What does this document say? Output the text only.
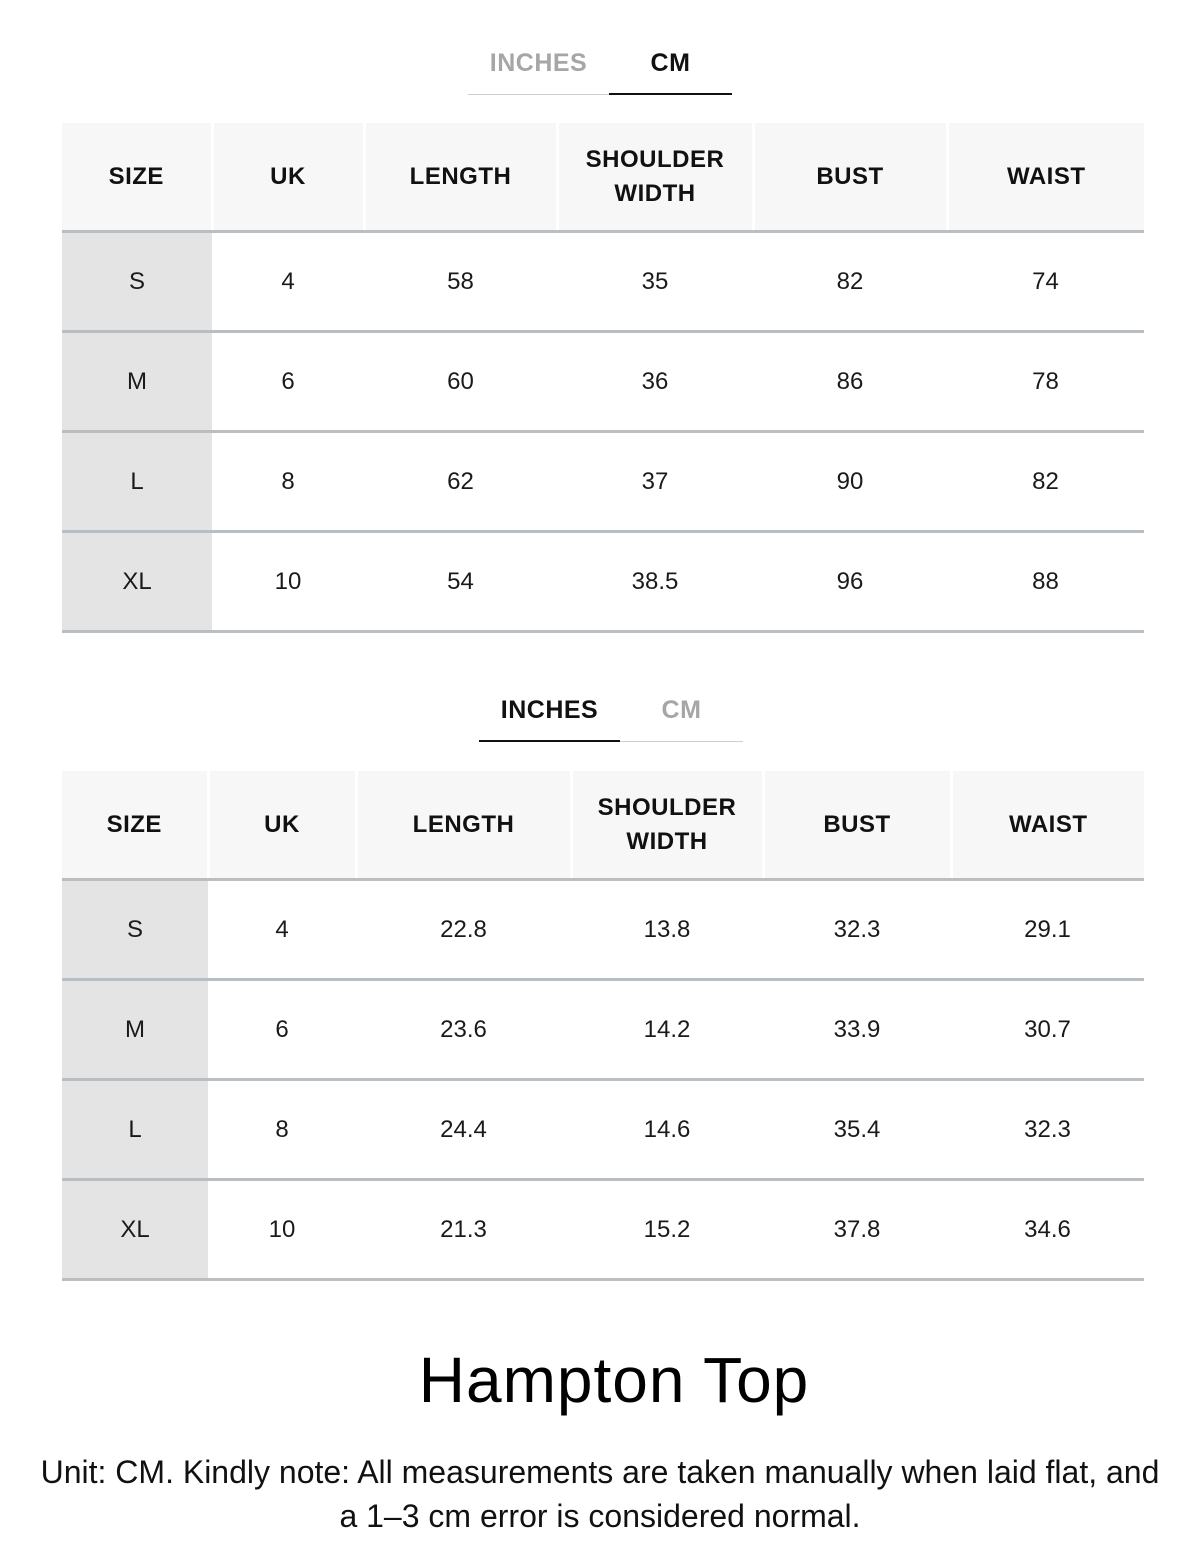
INCHES	CM
SIZE	UK	LENGTH	SHOULDER WIDTH	BUST	WAIST
S	4	58	35	82	74
M	6	60	36	86	78
L	8	62	37	90	82
XL	10	54	38.5	96	88
INCHES	CM
SIZE	UK	LENGTH	SHOULDER WIDTH	BUST	WAIST
S	4	22.8	13.8	32.3	29.1
M	6	23.6	14.2	33.9	30.7
L	8	24.4	14.6	35.4	32.3
XL	10	21.3	15.2	37.8	34.6
Hampton Top
Unit: CM. Kindly note: All measurements are taken manually when laid flat, and a 1–3 cm error is considered normal.
